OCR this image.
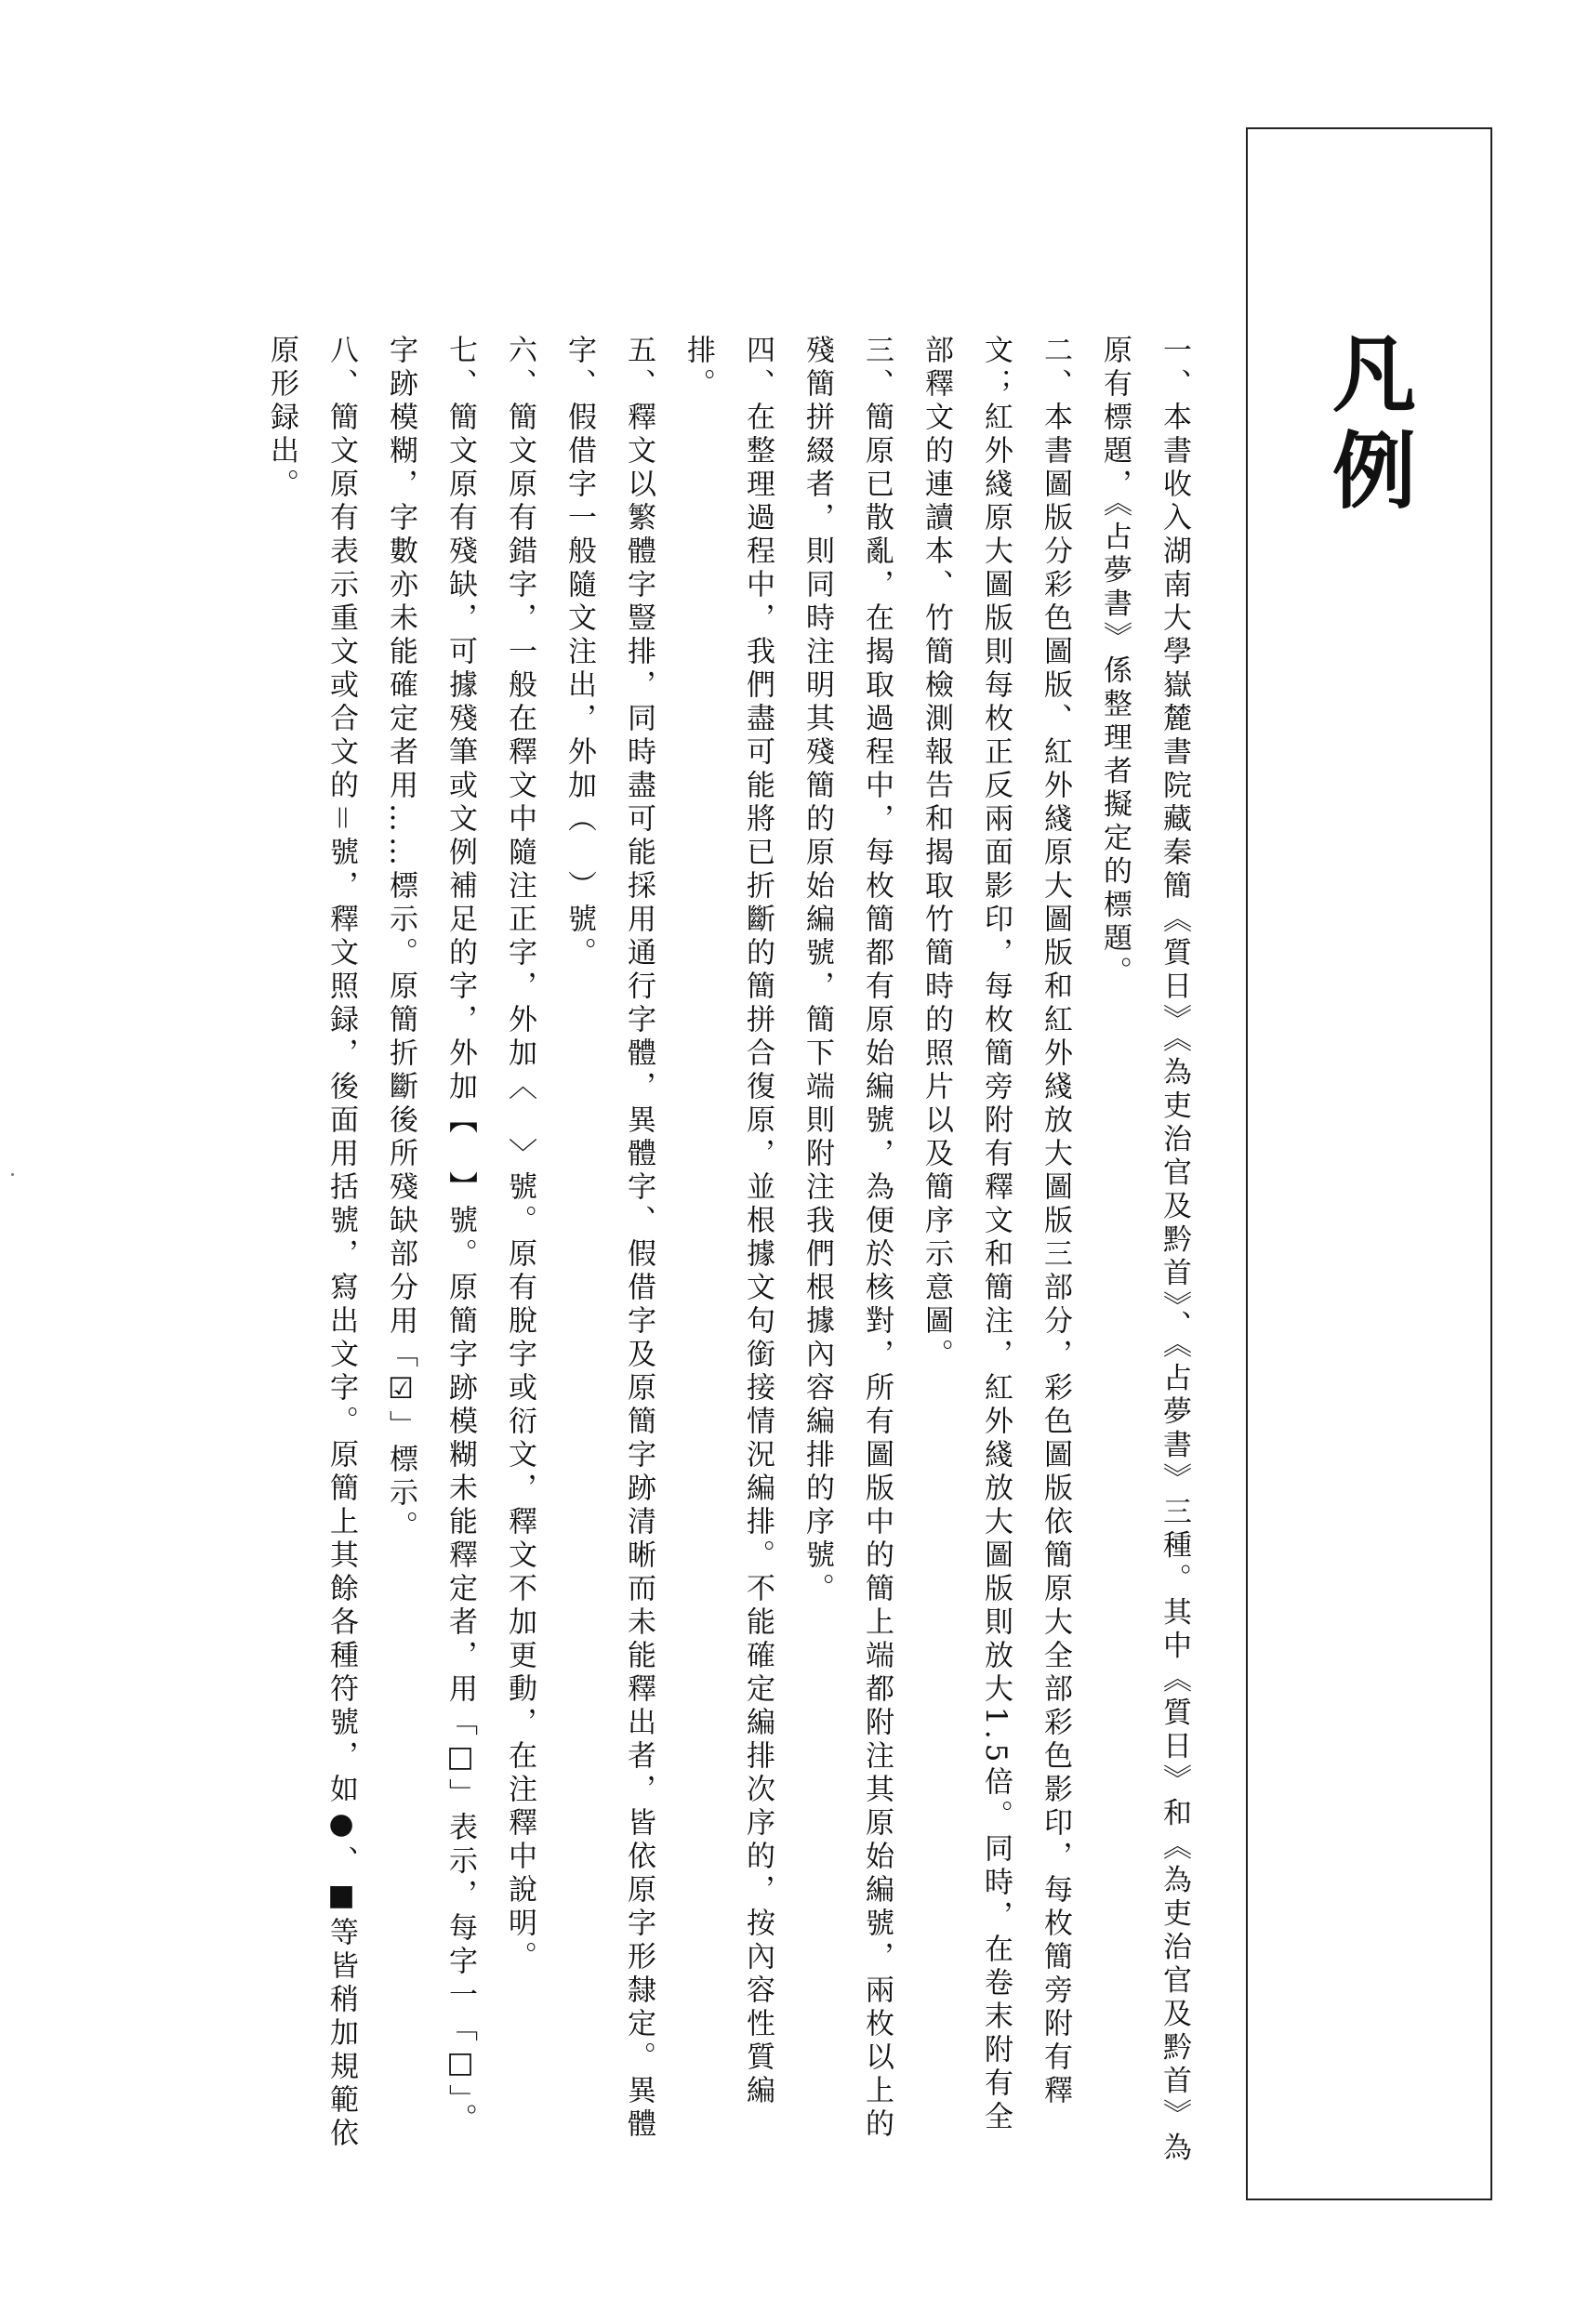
凡例

一、本書收入湖南大學嶽麓書院藏秦簡《質日》《為吏治官及黔首》、《占夢書》三種。其中《質日》和《為吏治官及黔首》為原有標題，《占夢書》係整理者擬定的標題。

二、本書圖版分彩色圖版、紅外綫原大圖版和紅外綫放大圖版三部分，彩色圖版依簡原大全部彩色影印，每枚簡旁附有釋文；紅外綫原大圖版則每枚正反兩面影印，每枚簡旁附有釋文和簡注，紅外綫放大圖版則放大1.5倍。同時，在卷末附有全部釋文的連讀本、竹簡檢測報告和揭取竹簡時的照片以及簡序示意圖。

三、簡原已散亂，在揭取過程中，每枚簡都有原始編號，為便於核對，所有圖版中的簡上端都附注其原始編號，兩枚以上的殘簡拼綴者，則同時注明其殘簡的原始編號，簡下端則附注我們根據內容編排的序號。

四、在整理過程中，我們盡可能將已折斷的簡拼合復原，並根據文句銜接情況編排。不能確定編排次序的，按內容性質編排。

五、釋文以繁體字豎排，同時盡可能採用通行字體，異體字、假借字及原簡字跡清晰而未能釋出者，皆依原字形隸定。異體字、假借字一般隨文注出，外加（　）號。

六、簡文原有錯字，一般在釋文中隨注正字，外加〈　〉號。原有脫字或衍文，釋文不加更動，在注釋中說明。

七、簡文原有殘缺，可據殘筆或文例補足的字，外加【　】號。原簡字跡模糊未能釋定者，用「□」表示，每字一「□」。字跡模糊，字數亦未能確定者用……標示。原簡折斷後所殘缺部分用「☑」標示。

八、簡文原有表示重文或合文的＝號，釋文照録，後面用括號，寫出文字。原簡上其餘各種符號，如●、■等皆稍加規範依原形録出。
